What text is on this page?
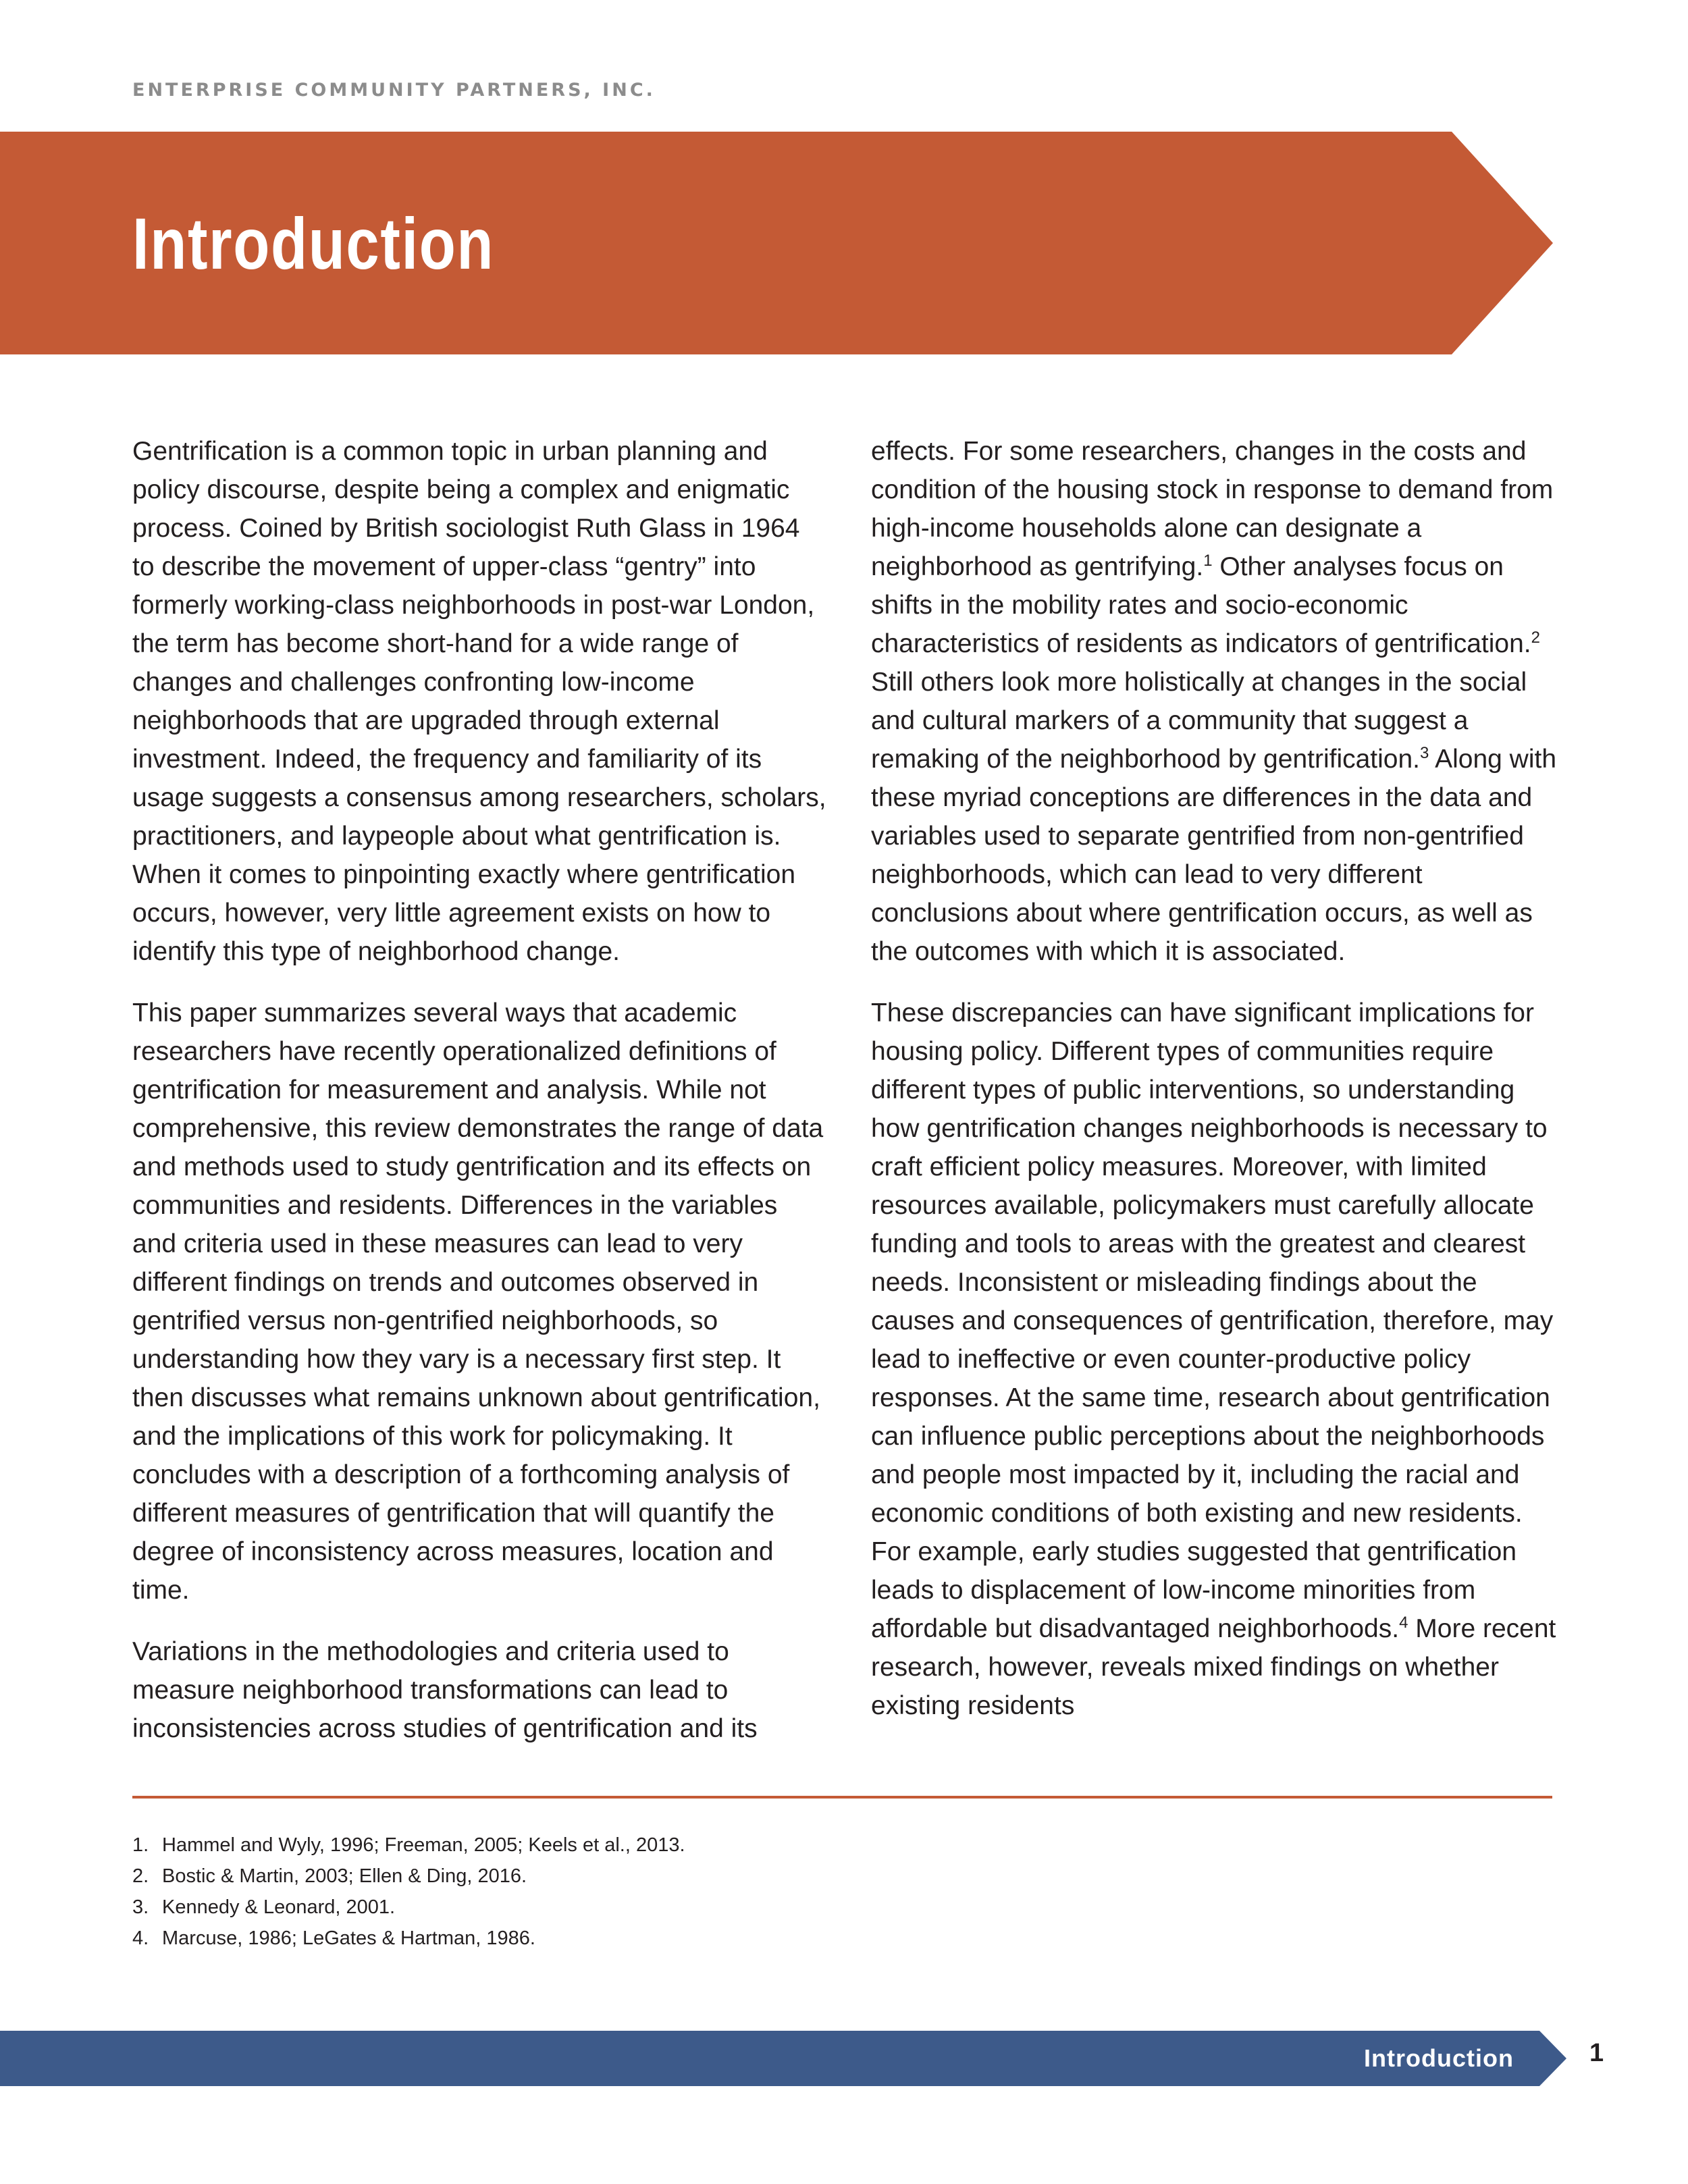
ENTERPRISE COMMUNITY PARTNERS, INC.
Introduction

Gentrification is a common topic in urban planning and policy discourse, despite being a complex and enigmatic process. Coined by British sociologist Ruth Glass in 1964 to describe the movement of upper-class “gentry” into formerly working-class neighborhoods in post-war London, the term has become short-hand for a wide range of changes and challenges confronting low-income neighborhoods that are upgraded through external investment. Indeed, the frequency and familiarity of its usage suggests a consensus among researchers, scholars, practitioners, and laypeople about what gentrification is. When it comes to pinpointing exactly where gentrification occurs, however, very little agreement exists on how to identify this type of neighborhood change.

This paper summarizes several ways that academic researchers have recently operationalized definitions of gentrification for measurement and analysis. While not comprehensive, this review demonstrates the range of data and methods used to study gentrification and its effects on communities and residents. Differences in the variables and criteria used in these measures can lead to very different findings on trends and outcomes observed in gentrified versus non-gentrified neighborhoods, so understanding how they vary is a necessary first step. It then discusses what remains unknown about gentrification, and the implications of this work for policymaking. It concludes with a description of a forthcoming analysis of different measures of gentrification that will quantify the degree of inconsistency across measures, location and time.

Variations in the methodologies and criteria used to measure neighborhood transformations can lead to inconsistencies across studies of gentrification and its

effects. For some researchers, changes in the costs and condition of the housing stock in response to demand from high-income households alone can designate a neighborhood as gentrifying.$^1$ Other analyses focus on shifts in the mobility rates and socio-economic characteristics of residents as indicators of gentrification.$^2$ Still others look more holistically at changes in the social and cultural markers of a community that suggest a remaking of the neighborhood by gentrification.$^3$ Along with these myriad conceptions are differences in the data and variables used to separate gentrified from non-gentrified neighborhoods, which can lead to very different conclusions about where gentrification occurs, as well as the outcomes with which it is associated.

These discrepancies can have significant implications for housing policy. Different types of communities require different types of public interventions, so understanding how gentrification changes neighborhoods is necessary to craft efficient policy measures. Moreover, with limited resources available, policymakers must carefully allocate funding and tools to areas with the greatest and clearest needs. Inconsistent or misleading findings about the causes and consequences of gentrification, therefore, may lead to ineffective or even counter-productive policy responses. At the same time, research about gentrification can influence public perceptions about the neighborhoods and people most impacted by it, including the racial and economic conditions of both existing and new residents. For example, early studies suggested that gentrification leads to displacement of low-income minorities from affordable but disadvantaged neighborhoods.$^4$ More recent research, however, reveals mixed findings on whether existing residents

1. Hammel and Wyly, 1996; Freeman, 2005; Keels et al., 2013.
2. Bostic & Martin, 2003; Ellen & Ding, 2016.
3. Kennedy & Leonard, 2001.
4. Marcuse, 1986; LeGates & Hartman, 1986.
Introduction	1
